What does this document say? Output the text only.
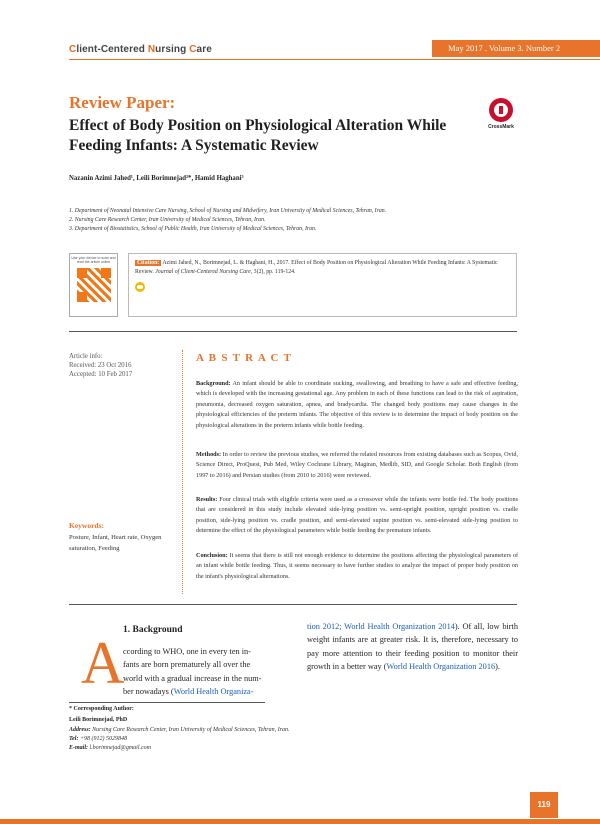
Client-Centered Nursing Care	May 2017 . Volume 3. Number 2
Review Paper:
Effect of Body Position on Physiological Alteration While Feeding Infants: A Systematic Review
CrossMark
Nazanin Azimi Jahed¹, Leili Borimnejad²*, Hamid Haghani³
1. Department of Neonatal Intensive Care Nursing, School of Nursing and Midwifery, Iran University of Medical Sciences, Tehran, Iran.
2. Nursing Care Research Center, Iran University of Medical Sciences, Tehran, Iran.
3. Department of Biostatistics, School of Public Health, Iran University of Medical Sciences, Tehran, Iran.
Use your device to scan and read the article online	Citation: Azimi Jahed, N., Borimnejad, L. & Haghani, H., 2017. Effect of Body Position on Physiological Alteration While Feeding Infants: A Systematic Review. Journal of Client-Centered Nursing Care, 3(2), pp. 119-124.
Article info:
Received: 23 Oct 2016
Accepted: 10 Feb 2017
Keywords:
Posture, Infant, Heart rate, Oxygen saturation, Feeding
A B S T R A C T
Background: An infant should be able to coordinate sucking, swallowing, and breathing to have a safe and effective feeding, which is developed with the increasing gestational age. Any problem in each of these functions can lead to the risk of aspiration, pneumonia, decreased oxygen saturation, apnea, and bradycardia. The changed body positions may cause changes in the physiological efficiencies of the preterm infants. The objective of this review is to determine the impact of body position on the physiological alterations in the preterm infants while bottle feeding.
Methods: In order to review the previous studies, we referred the related resources from existing databases such as Scopus, Ovid, Science Direct, ProQuest, Pub Med, Wiley Cochrane Library, Magiran, Medlib, SID, and Google Scholar. Both English (from 1997 to 2016) and Persian studies (from 2010 to 2016) were reviewed.
Results: Four clinical trials with eligible criteria were used as a crossover while the infants were bottle fed. The body positions that are considered in this study include elevated side-lying position vs. semi-upright position, upright position vs. cradle position, side-lying position vs. cradle position, and semi-elevated supine position vs. semi-elevated side-lying position to determine the effect of the physiological parameters while bottle feeding the premature infants.
Conclusion: It seems that there is still not enough evidence to determine the positions affecting the physiological parameters of an infant while bottle feeding. Thus, it seems necessary to have further studies to analyze the impact of proper body position on the infant's physiological alternations.
A
1. Background
ccording to WHO, one in every ten in-
fants are born prematurely all over the
world with a gradual increase in the num-
ber nowadays (World Health Organiza-
tion 2012; World Health Organization 2014). Of all, low birth weight infants are at greater risk. It is, therefore, necessary to pay more attention to their feeding position to monitor their growth in a better way (World Health Organization 2016).
* Corresponding Author:
Leili Borimnejad, PhD
Address: Nursing Care Research Center, Iran University of Medical Sciences, Tehran, Iran.
Tel: +98 (912) 5029848
E-mail: l.borimnejad@gmail.com
119
